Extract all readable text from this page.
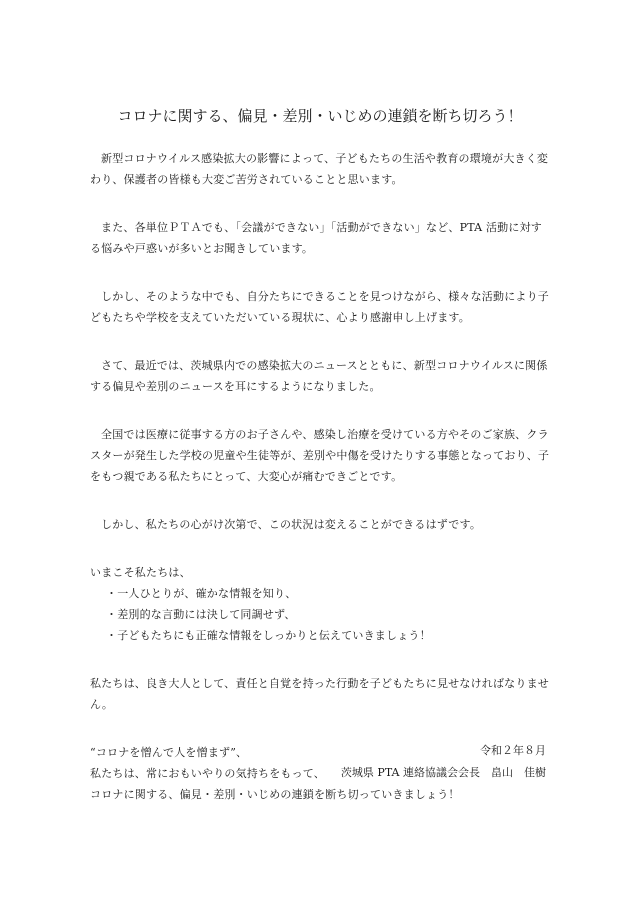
コロナに関する、偏見・差別・いじめの連鎖を断ち切ろう！

新型コロナウイルス感染拡大の影響によって、子どもたちの生活や教育の環境が大きく変わり、保護者の皆様も大変ご苦労されていることと思います。

また、各単位ＰＴＡでも、「会議ができない」「活動ができない」など、PTA 活動に対する悩みや戸惑いが多いとお聞きしています。

しかし、そのような中でも、自分たちにできることを見つけながら、様々な活動により子どもたちや学校を支えていただいている現状に、心より感謝申し上げます。

さて、最近では、茨城県内での感染拡大のニュースとともに、新型コロナウイルスに関係する偏見や差別のニュースを耳にするようになりました。

全国では医療に従事する方のお子さんや、感染し治療を受けている方やそのご家族、クラスターが発生した学校の児童や生徒等が、差別や中傷を受けたりする事態となっており、子をもつ親である私たちにとって、大変心が痛むできごとです。

しかし、私たちの心がけ次第で、この状況は変えることができるはずです。

いまこそ私たちは、
・一人ひとりが、確かな情報を知り、
・差別的な言動には決して同調せず、
・子どもたちにも正確な情報をしっかりと伝えていきましょう！

私たちは、良き大人として、責任と自覚を持った行動を子どもたちに見せなければなりません。

“コロナを憎んで人を憎まず”、
私たちは、常におもいやりの気持ちをもって、
コロナに関する、偏見・差別・いじめの連鎖を断ち切っていきましょう！
令和２年８月
茨城県 PTA 連絡協議会会長　畠山　佳樹
